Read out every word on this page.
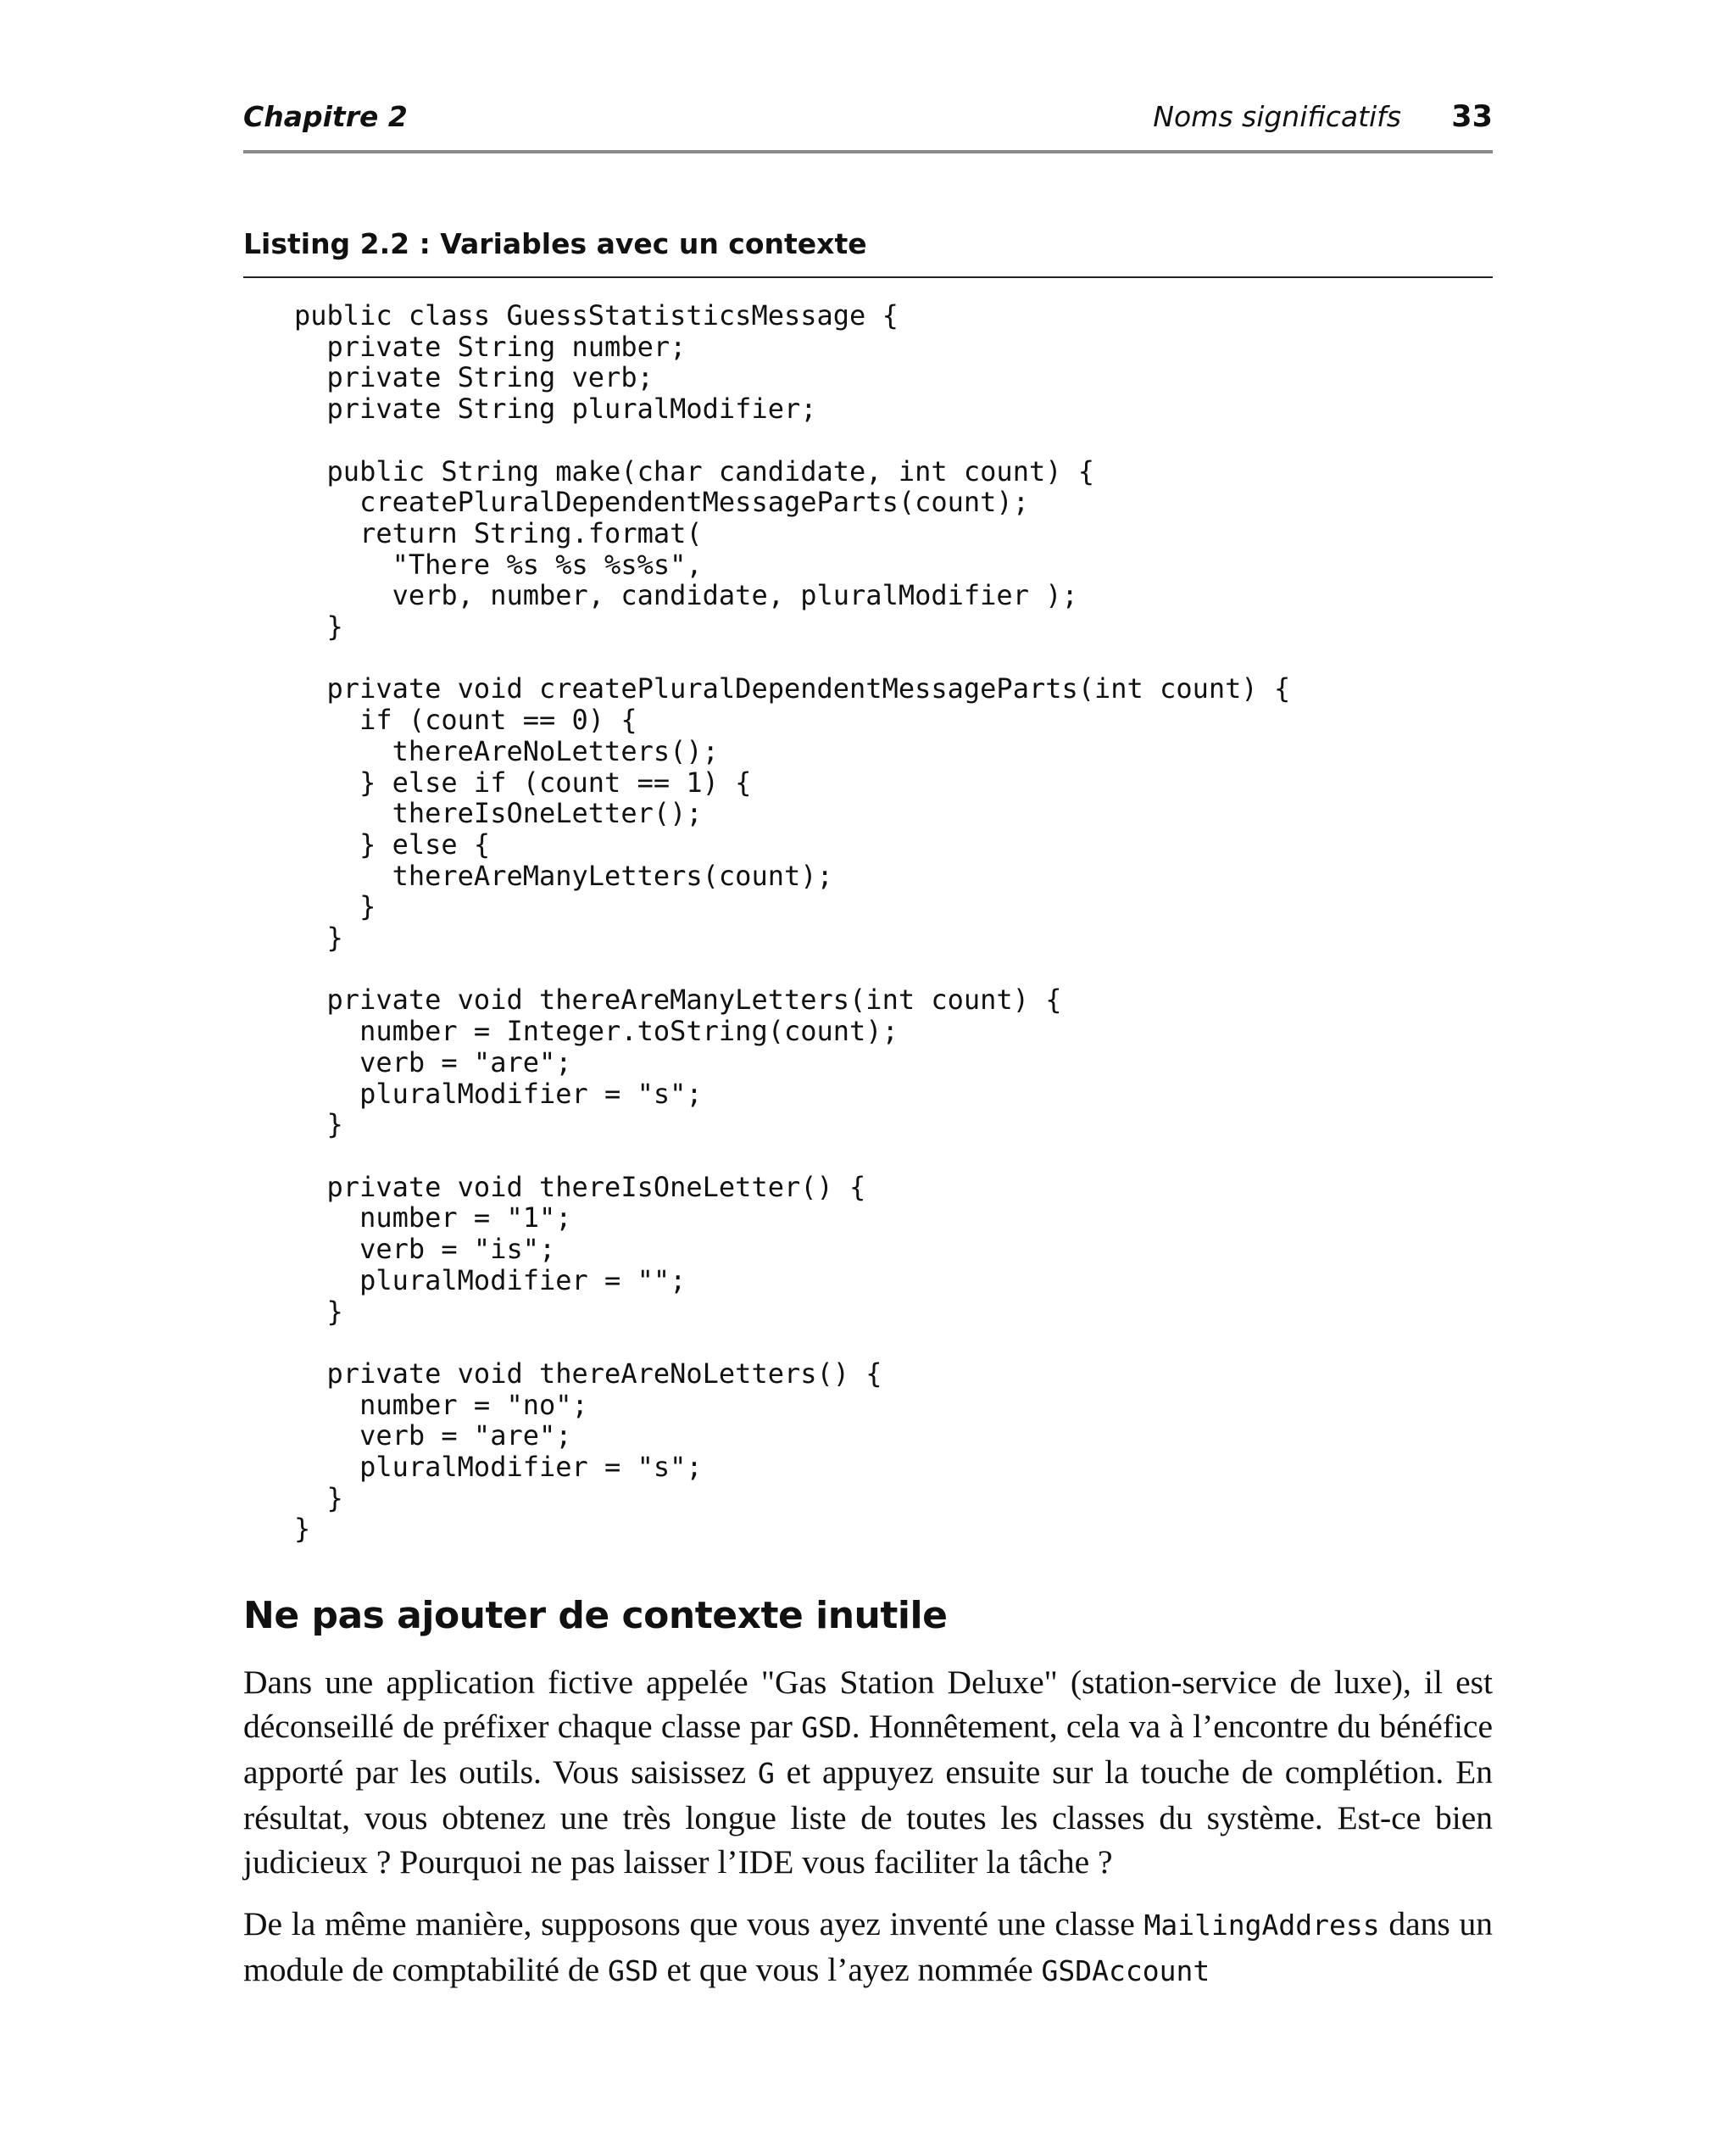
Chapitre 2	Noms significatifs 33
Listing 2.2 : Variables avec un contexte
public class GuessStatisticsMessage {
private String number;
private String verb;
private String pluralModifier;

public String make(char candidate, int count) {
createPluralDependentMessageParts(count);
return String.format(
"There %s %s %s%s",
verb, number, candidate, pluralModifier );
}

private void createPluralDependentMessageParts(int count) {
if (count == 0) {
thereAreNoLetters();
} else if (count == 1) {
thereIsOneLetter();
} else {
thereAreManyLetters(count);
}
}

private void thereAreManyLetters(int count) {
number = Integer.toString(count);
verb = "are";
pluralModifier = "s";
}

private void thereIsOneLetter() {
number = "1";
verb = "is";
pluralModifier = "";
}

private void thereAreNoLetters() {
number = "no";
verb = "are";
pluralModifier = "s";
}
}
Ne pas ajouter de contexte inutile

Dans une application fictive appelée "Gas Station Deluxe" (station-service de luxe), il est déconseillé de préfixer chaque classe par GSD. Honnêtement, cela va à l’encontre du bénéfice apporté par les outils. Vous saisissez G et appuyez ensuite sur la touche de complétion. En résultat, vous obtenez une très longue liste de toutes les classes du système. Est-ce bien judicieux ? Pourquoi ne pas laisser l’IDE vous faciliter la tâche ?

De la même manière, supposons que vous ayez inventé une classe MailingAddress dans un module de comptabilité de GSD et que vous l’ayez nommée GSDAccount
